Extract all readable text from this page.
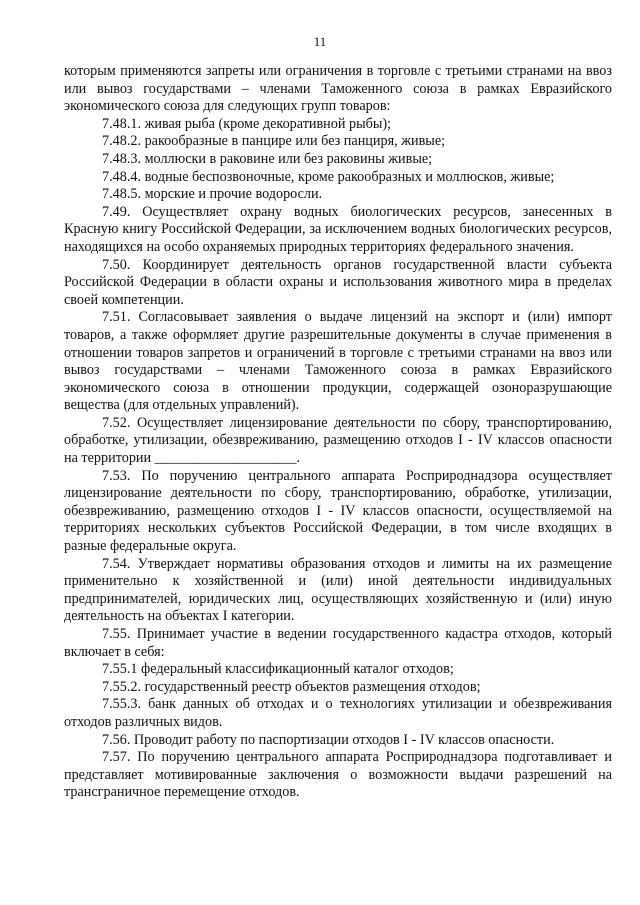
11

которым применяются запреты или ограничения в торговле с третьими странами на ввоз или вывоз государствами – членами Таможенного союза в рамках Евразийского экономического союза для следующих групп товаров:

7.48.1. живая рыба (кроме декоративной рыбы);

7.48.2. ракообразные в панцире или без панциря, живые;

7.48.3. моллюски в раковине или без раковины живые;

7.48.4. водные беспозвоночные, кроме ракообразных и моллюсков, живые;

7.48.5. морские и прочие водоросли.

7.49. Осуществляет охрану водных биологических ресурсов, занесенных в Красную книгу Российской Федерации, за исключением водных биологических ресурсов, находящихся на особо охраняемых природных территориях федерального значения.

7.50. Координирует деятельность органов государственной власти субъекта Российской Федерации в области охраны и использования животного мира в пределах своей компетенции.

7.51. Согласовывает заявления о выдаче лицензий на экспорт и (или) импорт товаров, а также оформляет другие разрешительные документы в случае применения в отношении товаров запретов и ограничений в торговле с третьими странами на ввоз или вывоз государствами – членами Таможенного союза в рамках Евразийского экономического союза в отношении продукции, содержащей озоноразрушающие вещества (для отдельных управлений).

7.52. Осуществляет лицензирование деятельности по сбору, транспортированию, обработке, утилизации, обезвреживанию, размещению отходов I - IV классов опасности на территории ____________________.

7.53. По поручению центрального аппарата Росприроднадзора осуществляет лицензирование деятельности по сбору, транспортированию, обработке, утилизации, обезвреживанию, размещению отходов I - IV классов опасности, осуществляемой на территориях нескольких субъектов Российской Федерации, в том числе входящих в разные федеральные округа.

7.54. Утверждает нормативы образования отходов и лимиты на их размещение применительно к хозяйственной и (или) иной деятельности индивидуальных предпринимателей, юридических лиц, осуществляющих хозяйственную и (или) иную деятельность на объектах I категории.

7.55. Принимает участие в ведении государственного кадастра отходов, который включает в себя:

7.55.1 федеральный классификационный каталог отходов;

7.55.2. государственный реестр объектов размещения отходов;

7.55.3. банк данных об отходах и о технологиях утилизации и обезвреживания отходов различных видов.

7.56. Проводит работу по паспортизации отходов I - IV классов опасности.

7.57. По поручению центрального аппарата Росприроднадзора подготавливает и представляет мотивированные заключения о возможности выдачи разрешений на трансграничное перемещение отходов.
